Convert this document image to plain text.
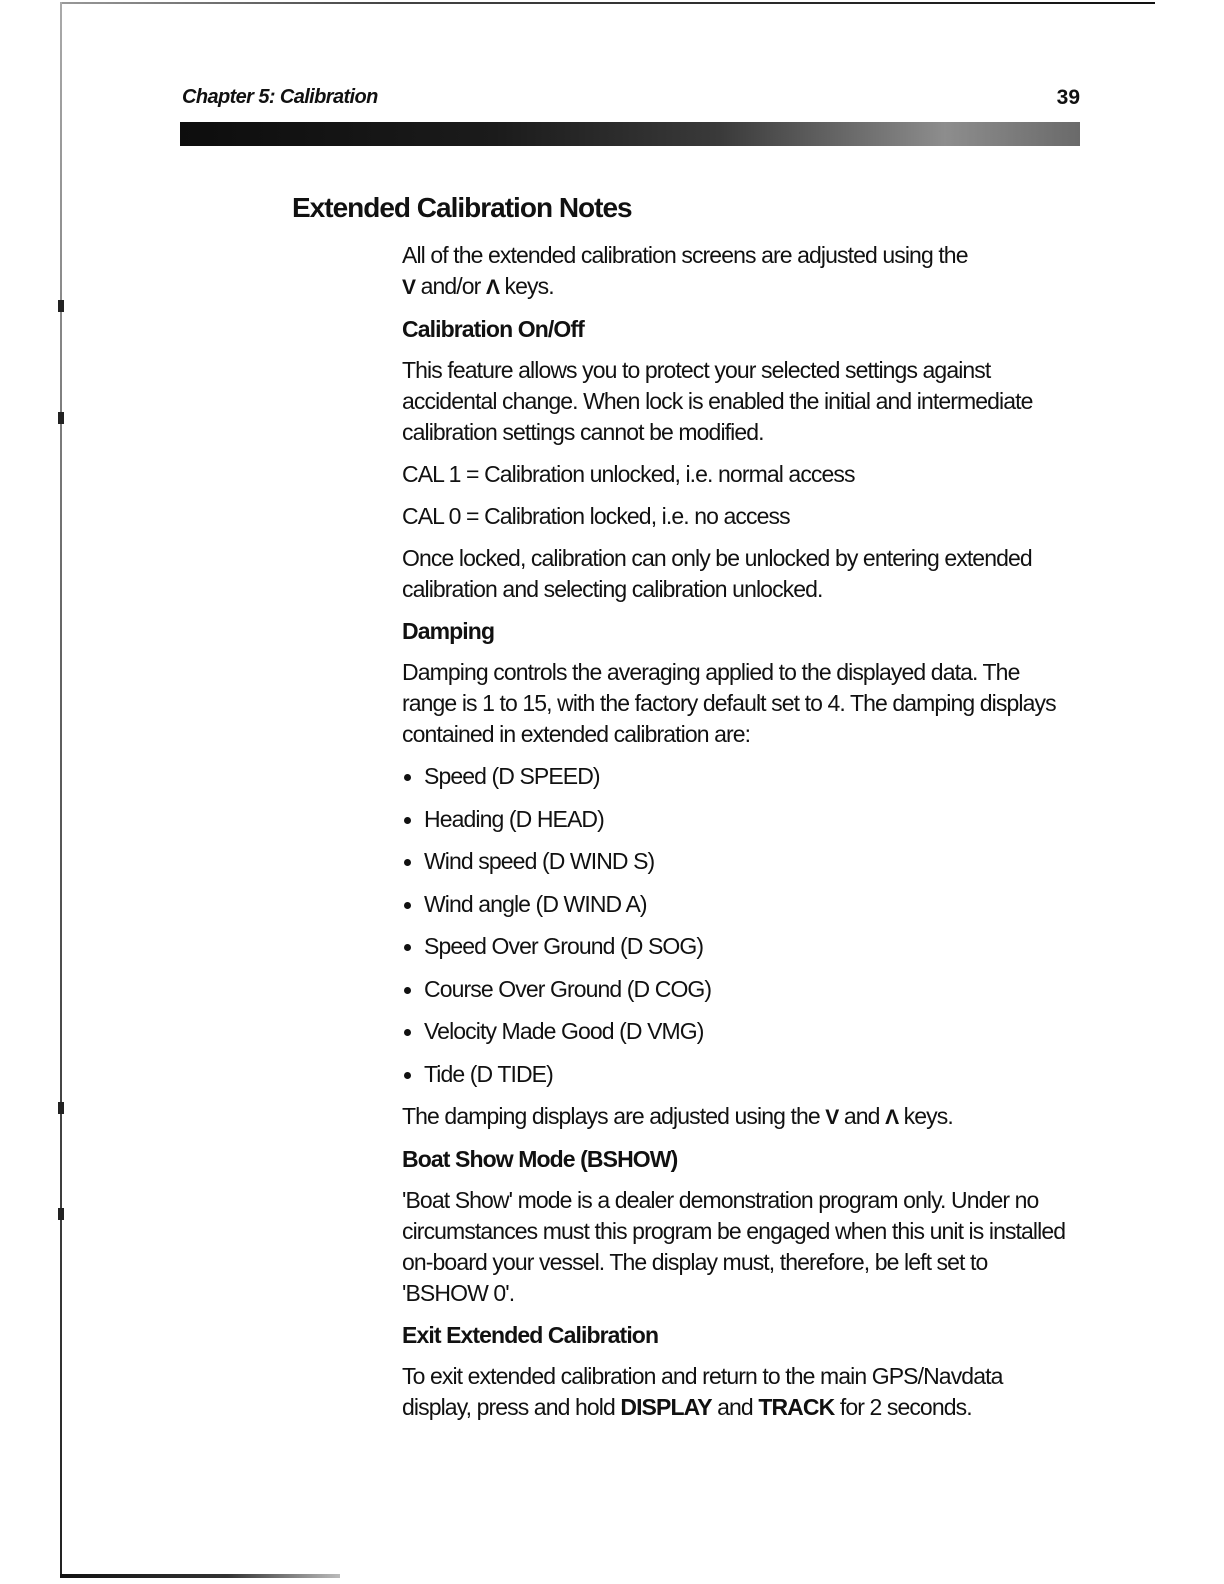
Chapter 5: Calibration	39
Extended Calibration Notes

All of the extended calibration screens are adjusted using the
V and/or Λ keys.

Calibration On/Off

This feature allows you to protect your selected settings against accidental change. When lock is enabled the initial and intermediate calibration settings cannot be modified.

CAL 1 = Calibration unlocked, i.e. normal access

CAL 0 = Calibration locked, i.e. no access

Once locked, calibration can only be unlocked by entering extended calibration and selecting calibration unlocked.

Damping

Damping controls the averaging applied to the displayed data. The range is 1 to 15, with the factory default set to 4. The damping displays contained in extended calibration are:

Speed (D SPEED)
Heading (D HEAD)
Wind speed (D WIND S)
Wind angle (D WIND A)
Speed Over Ground (D SOG)
Course Over Ground (D COG)
Velocity Made Good (D VMG)
Tide (D TIDE)

The damping displays are adjusted using the V and Λ keys.

Boat Show Mode (BSHOW)

'Boat Show' mode is a dealer demonstration program only. Under no circumstances must this program be engaged when this unit is installed on-board your vessel. The display must, therefore, be left set to 'BSHOW 0'.

Exit Extended Calibration

To exit extended calibration and return to the main GPS/Navdata display, press and hold DISPLAY and TRACK for 2 seconds.
